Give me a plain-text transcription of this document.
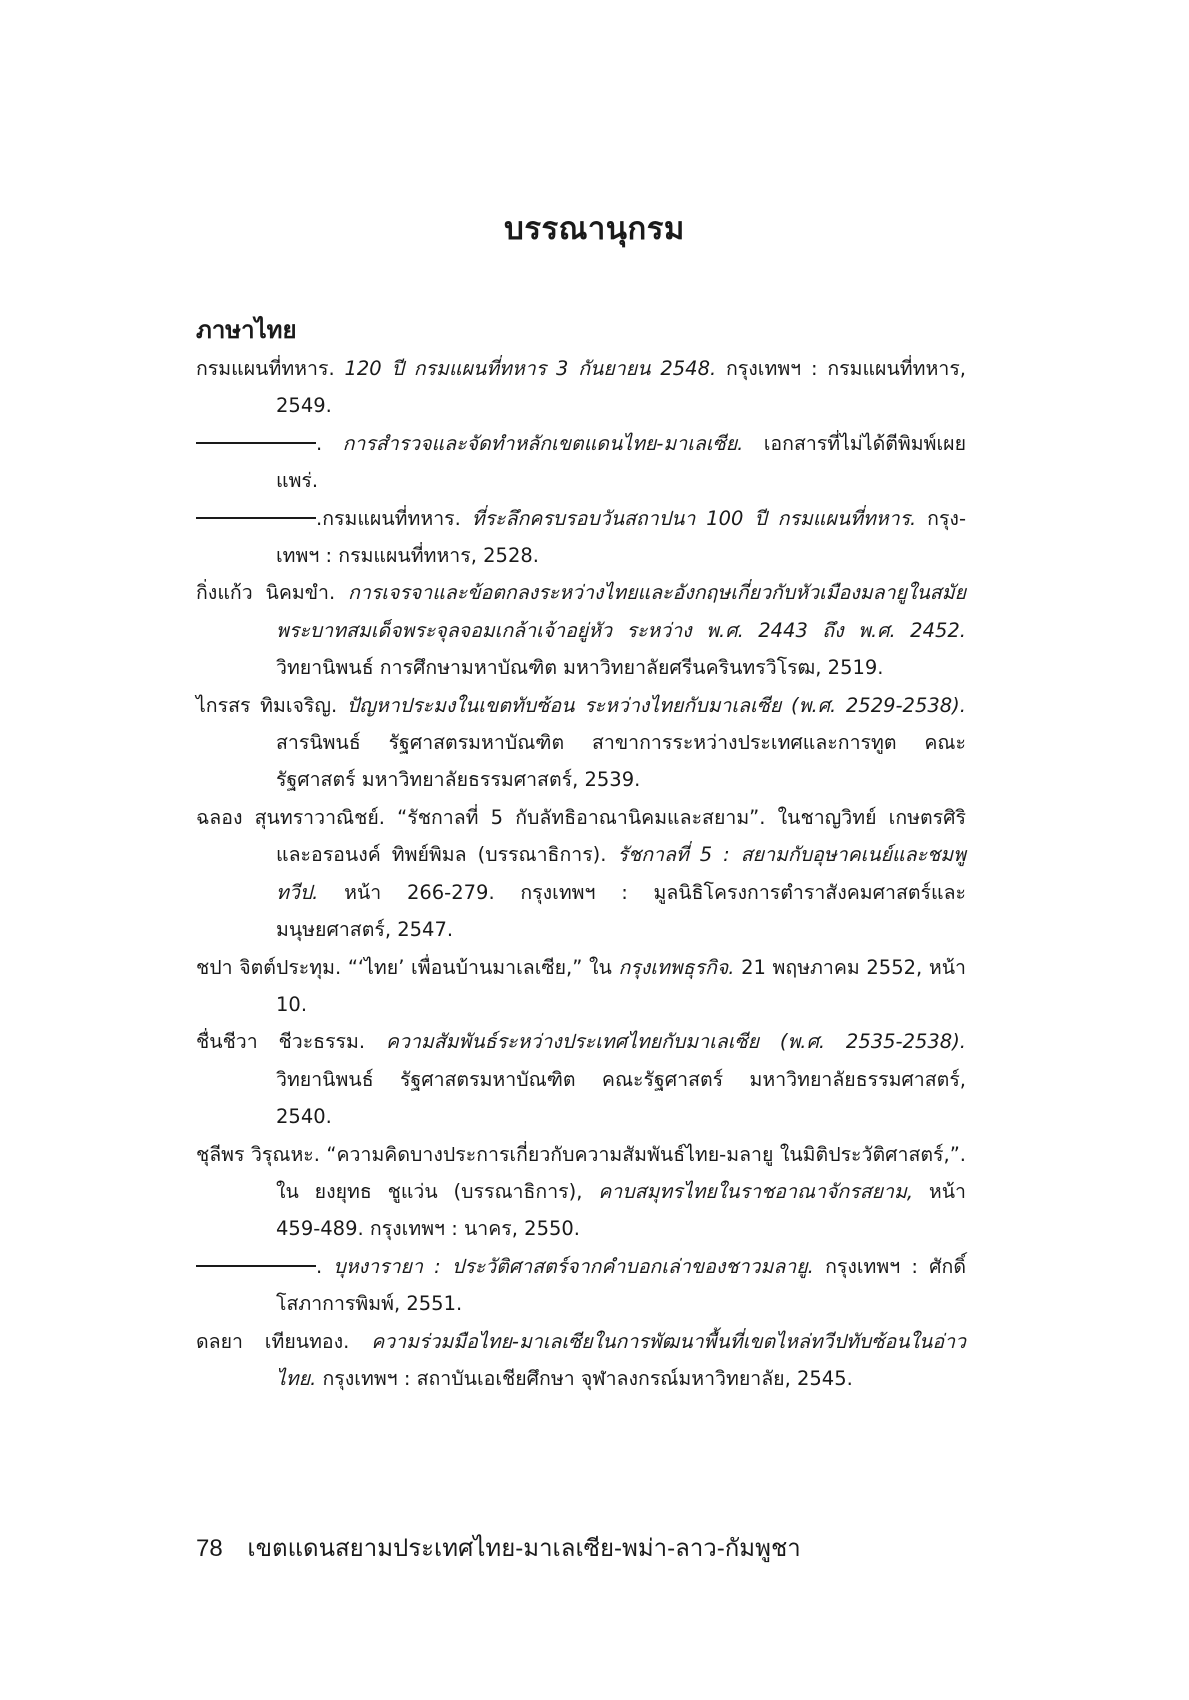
บรรณานุกรม
ภาษาไทย

กรมแผนที่ทหาร. 120 ปี กรมแผนที่ทหาร 3 กันยายน 2548. กรุงเทพฯ : กรมแผนที่ทหาร, 2549.

. การสำรวจและจัดทำหลักเขตแดนไทย-มาเลเซีย. เอกสารที่ไม่ได้ตีพิมพ์เผยแพร่.

.กรมแผนที่ทหาร. ที่ระลึกครบรอบวันสถาปนา 100 ปี กรมแผนที่ทหาร. กรุง-เทพฯ : กรมแผนที่ทหาร, 2528.

กิ่งแก้ว นิคมขำ. การเจรจาและข้อตกลงระหว่างไทยและอังกฤษเกี่ยวกับหัวเมืองมลายูในสมัยพระบาทสมเด็จพระจุลจอมเกล้าเจ้าอยู่หัว ระหว่าง พ.ศ. 2443 ถึง พ.ศ. 2452. วิทยานิพนธ์ การศึกษามหาบัณฑิต มหาวิทยาลัยศรีนครินทรวิโรฒ, 2519.

ไกรสร ทิมเจริญ. ปัญหาประมงในเขตทับซ้อน ระหว่างไทยกับมาเลเซีย (พ.ศ. 2529-2538). สารนิพนธ์ รัฐศาสตรมหาบัณฑิต สาขาการระหว่างประเทศและการทูต คณะรัฐศาสตร์ มหาวิทยาลัยธรรมศาสตร์, 2539.

ฉลอง สุนทราวาณิชย์. “รัชกาลที่ 5 กับลัทธิอาณานิคมและสยาม”. ในชาญวิทย์ เกษตรศิริ และอรอนงค์ ทิพย์พิมล (บรรณาธิการ). รัชกาลที่ 5 : สยามกับอุษาคเนย์และชมพูทวีป. หน้า 266-279. กรุงเทพฯ : มูลนิธิโครงการตำราสังคมศาสตร์และมนุษยศาสตร์, 2547.

ชปา จิตต์ประทุม. “‘ไทย’ เพื่อนบ้านมาเลเซีย,” ใน กรุงเทพธุรกิจ. 21 พฤษภาคม 2552, หน้า 10.

ชื่นชีวา ชีวะธรรม. ความสัมพันธ์ระหว่างประเทศไทยกับมาเลเซีย (พ.ศ. 2535-2538). วิทยานิพนธ์ รัฐศาสตรมหาบัณฑิต คณะรัฐศาสตร์ มหาวิทยาลัยธรรมศาสตร์, 2540.

ชุลีพร วิรุณหะ. “ความคิดบางประการเกี่ยวกับความสัมพันธ์ไทย-มลายู ในมิติประวัติศาสตร์,”. ใน ยงยุทธ ชูแว่น (บรรณาธิการ), คาบสมุทรไทยในราชอาณาจักรสยาม, หน้า 459-489. กรุงเทพฯ : นาคร, 2550.

. บุหงารายา : ประวัติศาสตร์จากคำบอกเล่าของชาวมลายู. กรุงเทพฯ : ศักดิ์โสภาการพิมพ์, 2551.

ดลยา เทียนทอง. ความร่วมมือไทย-มาเลเซียในการพัฒนาพื้นที่เขตไหล่ทวีปทับซ้อนในอ่าวไทย. กรุงเทพฯ : สถาบันเอเชียศึกษา จุฬาลงกรณ์มหาวิทยาลัย, 2545.

78 เขตแดนสยามประเทศไทย-มาเลเซีย-พม่า-ลาว-กัมพูชา
